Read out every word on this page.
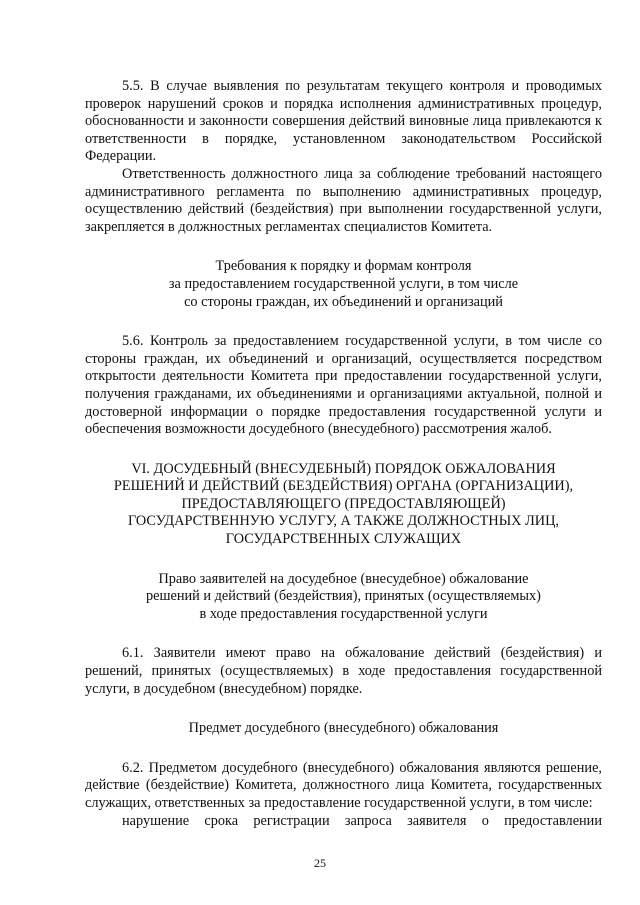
5.5. В случае выявления по результатам текущего контроля и проводимых проверок нарушений сроков и порядка исполнения административных процедур, обоснованности и законности совершения действий виновные лица привлекаются к ответственности в порядке, установленном законодательством Российской Федерации.

Ответственность должностного лица за соблюдение требований настоящего административного регламента по выполнению административных процедур, осуществлению действий (бездействия) при выполнении государственной услуги, закрепляется в должностных регламентах специалистов Комитета.

Требования к порядку и формам контроля
за предоставлением государственной услуги, в том числе
со стороны граждан, их объединений и организаций

5.6. Контроль за предоставлением государственной услуги, в том числе со стороны граждан, их объединений и организаций, осуществляется посредством открытости деятельности Комитета при предоставлении государственной услуги, получения гражданами, их объединениями и организациями актуальной, полной и достоверной информации о порядке предоставления государственной услуги и обеспечения возможности досудебного (внесудебного) рассмотрения жалоб.

VI. ДОСУДЕБНЫЙ (ВНЕСУДЕБНЫЙ) ПОРЯДОК ОБЖАЛОВАНИЯ
РЕШЕНИЙ И ДЕЙСТВИЙ (БЕЗДЕЙСТВИЯ) ОРГАНА (ОРГАНИЗАЦИИ),
ПРЕДОСТАВЛЯЮЩЕГО (ПРЕДОСТАВЛЯЮЩЕЙ)
ГОСУДАРСТВЕННУЮ УСЛУГУ, А ТАКЖЕ ДОЛЖНОСТНЫХ ЛИЦ,
ГОСУДАРСТВЕННЫХ СЛУЖАЩИХ
Право заявителей на досудебное (внесудебное) обжалование
решений и действий (бездействия), принятых (осуществляемых)
в ходе предоставления государственной услуги

6.1. Заявители имеют право на обжалование действий (бездействия) и решений, принятых (осуществляемых) в ходе предоставления государственной услуги, в досудебном (внесудебном) порядке.

Предмет досудебного (внесудебного) обжалования

6.2. Предметом досудебного (внесудебного) обжалования являются решение, действие (бездействие) Комитета, должностного лица Комитета, государственных служащих, ответственных за предоставление государственной услуги, в том числе:

нарушение срока регистрации запроса заявителя о предоставлении

25
